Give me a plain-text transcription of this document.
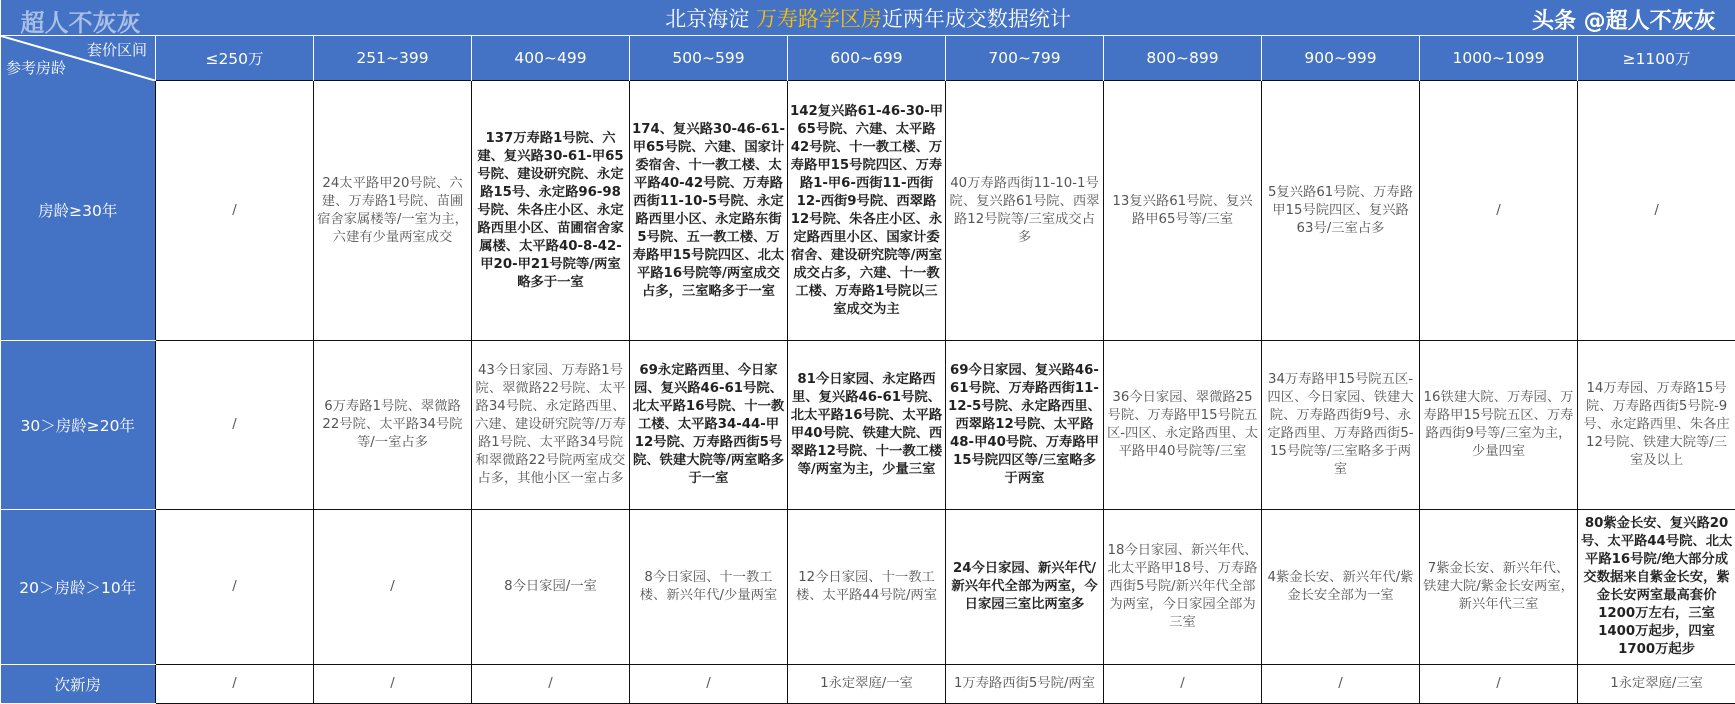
超人不灰灰 北京海淀 万寿路学区房近两年成交数据统计 头条 @超人不灰灰										

套价区间
参考房龄	≤250万	251~399	400~499	500~599	600~699	700~799	800~899	900~999	1000~1099	≥1100万
房龄≥30年	/	24太平路甲20号院、六建、万寿路1号院、苗圃宿舍家属楼等/一室为主，六建有少量两室成交	137万寿路1号院、六建、复兴路30-61-甲65号院、建设研究院、永定路15号、永定路96-98号院、朱各庄小区、永定路西里小区、苗圃宿舍家属楼、太平路40-8-42-甲20-甲21号院等/两室略多于一室	174、复兴路30-46-61-甲65号院、六建、国家计委宿舍、十一教工楼、太平路40-42号院、万寿路西街11-10-5号院、永定路西里小区、永定路东街5号院、五一教工楼、万寿路甲15号院四区、北太平路16号院等/两室成交占多，三室略多于一室	142复兴路61-46-30-甲65号院、六建、太平路42号院、十一教工楼、万寿路甲15号院四区、万寿路1-甲6-西街11-西街12-西街9号院、西翠路12号院、朱各庄小区、永定路西里小区、国家计委宿舍、建设研究院等/两室成交占多，六建、十一教工楼、万寿路1号院以三室成交为主	40万寿路西街11-10-1号院、复兴路61号院、西翠路12号院等/三室成交占多	13复兴路61号院、复兴路甲65号等/三室	5复兴路61号院、万寿路甲15号院四区、复兴路63号/三室占多	/	/
30＞房龄≥20年	/	6万寿路1号院、翠微路22号院、太平路34号院等/一室占多	43今日家园、万寿路1号院、翠微路22号院、太平路34号院、永定路西里、六建、建设研究院等/万寿路1号院、太平路34号院和翠微路22号院两室成交占多，其他小区一室占多	69永定路西里、今日家园、复兴路46-61号院、北太平路16号院、十一教工楼、太平路34-44-甲12号院、万寿路西街5号院、铁建大院等/两室略多于一室	81今日家园、永定路西里、复兴路46-61号院、北太平路16号院、太平路甲40号院、铁建大院、西翠路12号院、十一教工楼等/两室为主，少量三室	69今日家园、复兴路46-61号院、万寿路西街11-12-5号院、永定路西里、西翠路12号院、太平路48-甲40号院、万寿路甲15号院四区等/三室略多于两室	36今日家园、翠微路25号院、万寿路甲15号院五区-四区、永定路西里、太平路甲40号院等/三室	34万寿路甲15号院五区-四区、今日家园、铁建大院、万寿路西街9号、永定路西里、万寿路西街5-15号院等/三室略多于两室	16铁建大院、万寿园、万寿路甲15号院五区、万寿路西街9号等/三室为主，少量四室	14万寿园、万寿路15号院、万寿路西街5号院-9号、永定路西里、朱各庄12号院、铁建大院等/三室及以上
20＞房龄＞10年	/	/	8今日家园/一室	8今日家园、十一教工楼、新兴年代/少量两室	12今日家园、十一教工楼、太平路44号院/两室	24今日家园、新兴年代/新兴年代全部为两室，今日家园三室比两室多	18今日家园、新兴年代、北太平路甲18号、万寿路西街5号院/新兴年代全部为两室，今日家园全部为三室	4紫金长安、新兴年代/紫金长安全部为一室	7紫金长安、新兴年代、铁建大院/紫金长安两室，新兴年代三室	80紫金长安、复兴路20号、太平路44号院、北太平路16号院/绝大部分成交数据来自紫金长安，紫金长安两室最高套价1200万左右，三室1400万起步，四室1700万起步
次新房	/	/	/	/	1永定翠庭/一室	1万寿路西街5号院/两室	/	/	/	1永定翠庭/三室
